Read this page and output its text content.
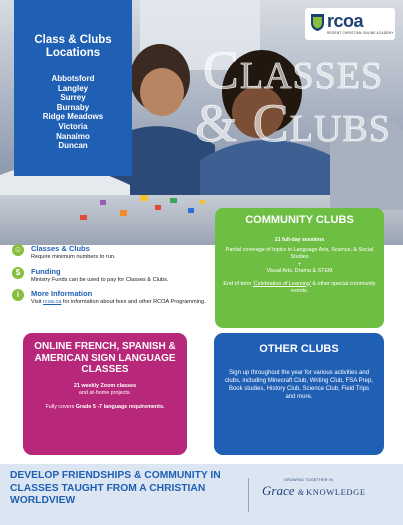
Class & Clubs Locations
Abbotsford
Langley
Surrey
Burnaby
Ridge Meadows
Victoria
Nanaimo
Duncan
rcoa
REGENT CHRISTIAN ONLINE ACADEMY
Classes
& Clubs
COMMUNITY CLUBS
21 full-day sessions
Partial coverage of topics in Language Arts, Science, & Social Studies
+
Visual Arts, Drama & STEM
End of term 'Celebration of Learning' & other special community events.
☺ Classes & Clubs
Require minimum numbers to run.
$	Funding
Ministry Funds can be used to pay for Classes & Clubs.
i	More Information
Visit rcoa.ca for information about fees and other RCOA Programming.
ONLINE FRENCH, SPANISH & AMERICAN SIGN LANGUAGE CLASSES
21 weekly Zoom classes
and at-home projects.
Fully covers Grade 5 -7 language requirements.
OTHER CLUBS
Sign up throughout the year for various activities and clubs, including Minecraft Club, Writing Club, FSA Prep, Book studies, History Club, Science Club, Field Trips and more.
DEVELOP FRIENDSHIPS & COMMUNITY IN CLASSES TAUGHT FROM A CHRISTIAN WORLDVIEW
GROWING TOGETHER IN
Grace & KNOWLEDGE
